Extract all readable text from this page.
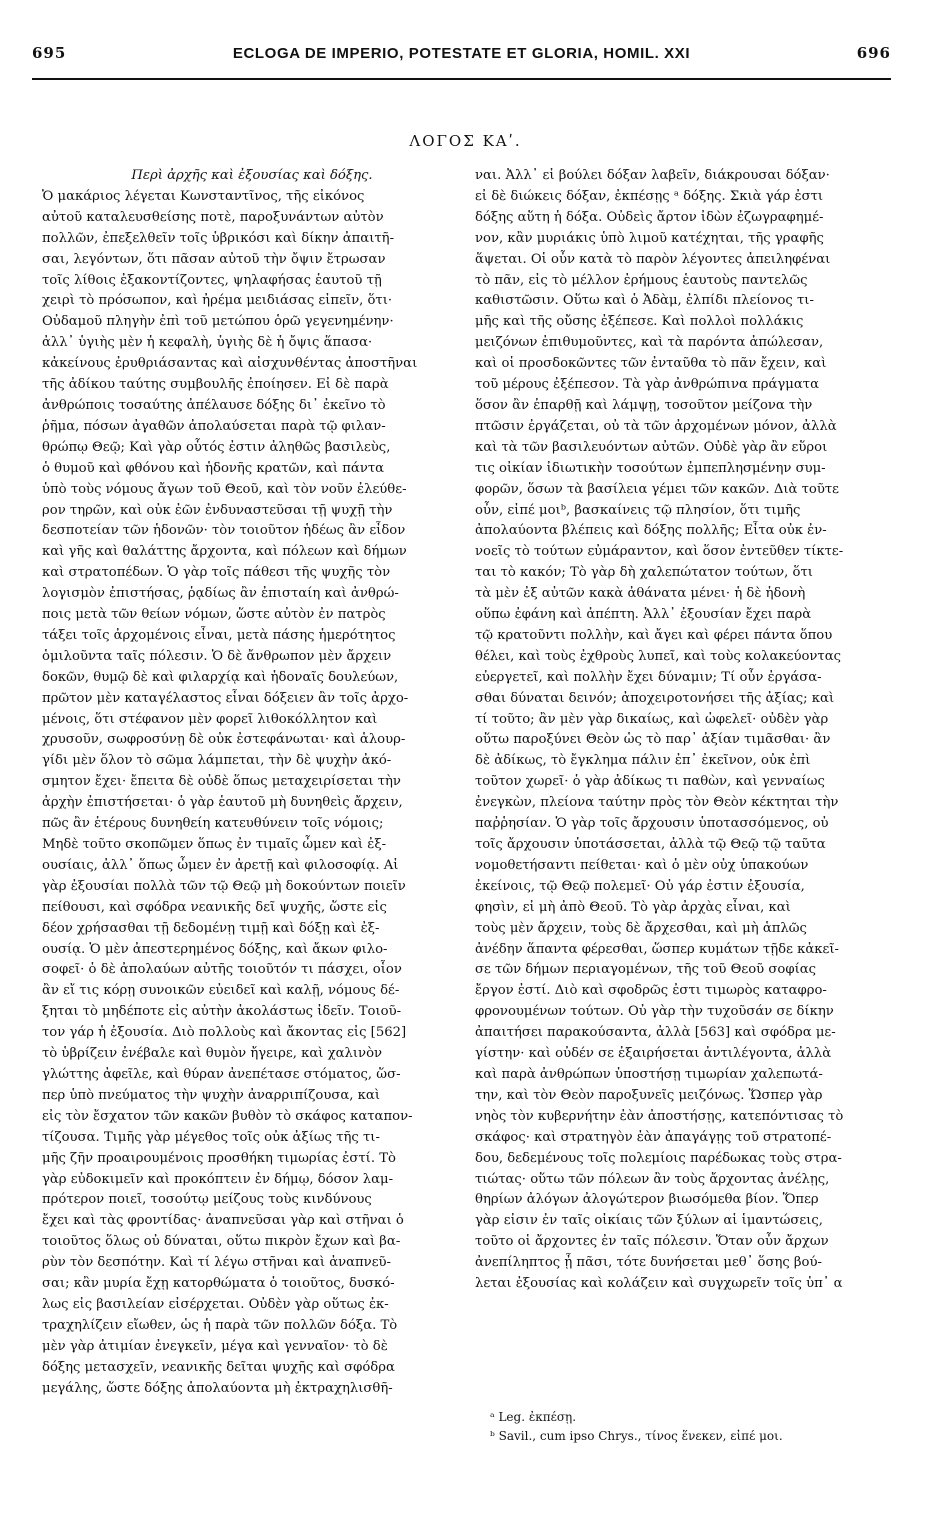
695	ECLOGA DE IMPERIO, POTESTATE ET GLORIA, HOMIL. XXI	696
ΛΟΓΟΣ ΚΑʹ.

Περὶ ἀρχῆς καὶ ἐξουσίας καὶ δόξης.

Ὁ μακάριος λέγεται Κωνσταντῖνος, τῆς εἰκόνος
αὐτοῦ καταλευσθείσης ποτὲ, παροξυνάντων αὐτὸν
πολλῶν, ἐπεξελθεῖν τοῖς ὑβρικόσι καὶ δίκην ἀπαιτῆ-
σαι, λεγόντων, ὅτι πᾶσαν αὐτοῦ τὴν ὄψιν ἔτρωσαν
τοῖς λίθοις ἐξακοντίζοντες, ψηλαφήσας ἑαυτοῦ τῇ
χειρὶ τὸ πρόσωπον, καὶ ἠρέμα μειδιάσας εἰπεῖν, ὅτι·
Οὐδαμοῦ πληγὴν ἐπὶ τοῦ μετώπου ὁρῶ γεγενημένην·
ἀλλ᾽ ὑγιὴς μὲν ἡ κεφαλὴ, ὑγιὴς δὲ ἡ ὄψις ἅπασα·
κἀκείνους ἐρυθριάσαντας καὶ αἰσχυνθέντας ἀποστῆναι
τῆς ἀδίκου ταύτης συμβουλῆς ἐποίησεν. Εἰ δὲ παρὰ
ἀνθρώποις τοσαύτης ἀπέλαυσε δόξης δι᾽ ἐκεῖνο τὸ
ῥῆμα, πόσων ἀγαθῶν ἀπολαύσεται παρὰ τῷ φιλαν-
θρώπῳ Θεῷ; Καὶ γὰρ οὗτός ἐστιν ἀληθῶς βασιλεὺς,
ὁ θυμοῦ καὶ φθόνου καὶ ἡδονῆς κρατῶν, καὶ πάντα
ὑπὸ τοὺς νόμους ἄγων τοῦ Θεοῦ, καὶ τὸν νοῦν ἐλεύθε-
ρον τηρῶν, καὶ οὐκ ἐῶν ἐνδυναστεῦσαι τῇ ψυχῇ τὴν
δεσποτείαν τῶν ἡδονῶν· τὸν τοιοῦτον ἡδέως ἂν εἶδον
καὶ γῆς καὶ θαλάττης ἄρχοντα, καὶ πόλεων καὶ δήμων
καὶ στρατοπέδων. Ὁ γὰρ τοῖς πάθεσι τῆς ψυχῆς τὸν
λογισμὸν ἐπιστήσας, ῥᾳδίως ἂν ἐπισταίη καὶ ἀνθρώ-
ποις μετὰ τῶν θείων νόμων, ὥστε αὐτὸν ἐν πατρὸς
τάξει τοῖς ἀρχομένοις εἶναι, μετὰ πάσης ἡμερότητος
ὁμιλοῦντα ταῖς πόλεσιν. Ὁ δὲ ἄνθρωπον μὲν ἄρχειν
δοκῶν, θυμῷ δὲ καὶ φιλαρχίᾳ καὶ ἡδοναῖς δουλεύων,
πρῶτον μὲν καταγέλαστος εἶναι δόξειεν ἂν τοῖς ἀρχο-
μένοις, ὅτι στέφανον μὲν φορεῖ λιθοκόλλητον καὶ
χρυσοῦν, σωφροσύνῃ δὲ οὐκ ἐστεφάνωται· καὶ ἁλουρ-
γίδι μὲν ὅλον τὸ σῶμα λάμπεται, τὴν δὲ ψυχὴν ἀκό-
σμητον ἔχει· ἔπειτα δὲ οὐδὲ ὅπως μεταχειρίσεται τὴν
ἀρχὴν ἐπιστήσεται· ὁ γὰρ ἑαυτοῦ μὴ δυνηθεὶς ἄρχειν,
πῶς ἂν ἑτέρους δυνηθείη κατευθύνειν τοῖς νόμοις;
Μηδὲ τοῦτο σκοπῶμεν ὅπως ἐν τιμαῖς ὦμεν καὶ ἐξ-
ουσίαις, ἀλλ᾽ ὅπως ὦμεν ἐν ἀρετῇ καὶ φιλοσοφίᾳ. Αἱ
γὰρ ἐξουσίαι πολλὰ τῶν τῷ Θεῷ μὴ δοκούντων ποιεῖν
πείθουσι, καὶ σφόδρα νεανικῆς δεῖ ψυχῆς, ὥστε εἰς
δέον χρήσασθαι τῇ δεδομένῃ τιμῇ καὶ δόξῃ καὶ ἐξ-
ουσίᾳ. Ὁ μὲν ἀπεστερημένος δόξης, καὶ ἄκων φιλο-
σοφεῖ· ὁ δὲ ἀπολαύων αὐτῆς τοιοῦτόν τι πάσχει, οἷον
ἂν εἴ τις κόρῃ συνοικῶν εὐειδεῖ καὶ καλῇ, νόμους δέ-
ξηται τὸ μηδέποτε εἰς αὐτὴν ἀκολάστως ἰδεῖν. Τοιοῦ-
τον γάρ ἡ ἐξουσία. Διὸ πολλοὺς καὶ ἄκοντας εἰς [562]
τὸ ὑβρίζειν ἐνέβαλε καὶ θυμὸν ἤγειρε, καὶ χαλινὸν
γλώττης ἀφεῖλε, καὶ θύραν ἀνεπέτασε στόματος, ὥσ-
περ ὑπὸ πνεύματος τὴν ψυχὴν ἀναρριπίζουσα, καὶ
εἰς τὸν ἔσχατον τῶν κακῶν βυθὸν τὸ σκάφος καταπον-
τίζουσα. Τιμῆς γὰρ μέγεθος τοῖς οὐκ ἀξίως τῆς τι-
μῆς ζῆν προαιρουμένοις προσθήκη τιμωρίας ἐστί. Τὸ
γὰρ εὐδοκιμεῖν καὶ προκόπτειν ἐν δήμῳ, δόσον λαμ-
πρότερον ποιεῖ, τοσούτῳ μείζους τοὺς κινδύνους
ἔχει καὶ τὰς φροντίδας· ἀναπνεῦσαι γὰρ καὶ στῆναι ὁ
τοιοῦτος ὅλως οὐ δύναται, οὕτω πικρὸν ἔχων καὶ βα-
ρὺν τὸν δεσπότην. Καὶ τί λέγω στῆναι καὶ ἀναπνεῦ-
σαι; κἂν μυρία ἔχῃ κατορθώματα ὁ τοιοῦτος, δυσκό-
λως εἰς βασιλείαν εἰσέρχεται. Οὐδὲν γὰρ οὕτως ἐκ-
τραχηλίζειν εἴωθεν, ὡς ἡ παρὰ τῶν πολλῶν δόξα. Τὸ
μὲν γὰρ ἀτιμίαν ἐνεγκεῖν, μέγα καὶ γενναῖον· τὸ δὲ
δόξης μετασχεῖν, νεανικῆς δεῖται ψυχῆς καὶ σφόδρα
μεγάλης, ὥστε δόξης ἀπολαύοντα μὴ ἐκτραχηλισθῆ-
ναι. Ἀλλ᾽ εἰ βούλει δόξαν λαβεῖν, διάκρουσαι δόξαν·
εἰ δὲ διώκεις δόξαν, ἐκπέσῃς ᵃ δόξης. Σκιὰ γάρ ἐστι
δόξης αὕτη ἡ δόξα. Οὐδεὶς ἄρτον ἰδὼν ἐζωγραφημέ-
νον, κἂν μυριάκις ὑπὸ λιμοῦ κατέχηται, τῆς γραφῆς
ἅψεται. Οἱ οὖν κατὰ τὸ παρὸν λέγοντες ἀπειληφέναι
τὸ πᾶν, εἰς τὸ μέλλον ἐρήμους ἑαυτοὺς παντελῶς
καθιστῶσιν. Οὕτω καὶ ὁ Ἀδὰμ, ἐλπίδι πλείονος τι-
μῆς καὶ τῆς οὔσης ἐξέπεσε. Καὶ πολλοὶ πολλάκις
μειζόνων ἐπιθυμοῦντες, καὶ τὰ παρόντα ἀπώλεσαν,
καὶ οἱ προσδοκῶντες τῶν ἐνταῦθα τὸ πᾶν ἔχειν, καὶ
τοῦ μέρους ἐξέπεσον. Τὰ γὰρ ἀνθρώπινα πράγματα
ὅσον ἂν ἐπαρθῇ καὶ λάμψῃ, τοσοῦτον μείζονα τὴν
πτῶσιν ἐργάζεται, οὐ τὰ τῶν ἀρχομένων μόνον, ἀλλὰ
καὶ τὰ τῶν βασιλευόντων αὐτῶν. Οὐδὲ γὰρ ἂν εὕροι
τις οἰκίαν ἰδιωτικὴν τοσούτων ἐμπεπλησμένην συμ-
φορῶν, ὅσων τὰ βασίλεια γέμει τῶν κακῶν. Διὰ τοῦτε
οὖν, εἰπέ μοιᵇ, βασκαίνεις τῷ πλησίον, ὅτι τιμῆς
ἀπολαύοντα βλέπεις καὶ δόξης πολλῆς; Εἶτα οὐκ ἐν-
νοεῖς τὸ τούτων εὐμάραντον, καὶ ὅσον ἐντεῦθεν τίκτε-
ται τὸ κακόν; Τὸ γὰρ δὴ χαλεπώτατον τούτων, ὅτι
τὰ μὲν ἐξ αὐτῶν κακὰ ἀθάνατα μένει· ἡ δὲ ἡδονὴ
οὕπω ἐφάνη καὶ ἀπέπτη. Ἀλλ᾽ ἐξουσίαν ἔχει παρὰ
τῷ κρατοῦντι πολλὴν, καὶ ἄγει καὶ φέρει πάντα ὅπου
θέλει, καὶ τοὺς ἐχθροὺς λυπεῖ, καὶ τοὺς κολακεύοντας
εὐεργετεῖ, καὶ πολλὴν ἔχει δύναμιν; Τί οὖν ἐργάσα-
σθαι δύναται δεινόν; ἀποχειροτονήσει τῆς ἀξίας; καὶ
τί τοῦτο; ἂν μὲν γὰρ δικαίως, καὶ ὠφελεῖ· οὐδὲν γὰρ
οὕτω παροξύνει Θεὸν ὡς τὸ παρ᾽ ἀξίαν τιμᾶσθαι· ἂν
δὲ ἀδίκως, τὸ ἔγκλημα πάλιν ἐπ᾽ ἐκεῖνον, οὐκ ἐπὶ
τοῦτον χωρεῖ· ὁ γὰρ ἀδίκως τι παθὼν, καὶ γενναίως
ἐνεγκὼν, πλείονα ταύτην πρὸς τὸν Θεὸν κέκτηται τὴν
παῤῥησίαν. Ὁ γὰρ τοῖς ἄρχουσιν ὑποτασσόμενος, οὐ
τοῖς ἄρχουσιν ὑποτάσσεται, ἀλλὰ τῷ Θεῷ τῷ ταῦτα
νομοθετήσαντι πείθεται· καὶ ὁ μὲν οὐχ ὑπακούων
ἐκείνοις, τῷ Θεῷ πολεμεῖ· Οὐ γάρ ἐστιν ἐξουσία,
φησὶν, εἰ μὴ ἀπὸ Θεοῦ. Τὸ γὰρ ἀρχὰς εἶναι, καὶ
τοὺς μὲν ἄρχειν, τοὺς δὲ ἄρχεσθαι, καὶ μὴ ἁπλῶς
ἀνέδην ἅπαντα φέρεσθαι, ὥσπερ κυμάτων τῇδε κἀκεῖ-
σε τῶν δήμων περιαγομένων, τῆς τοῦ Θεοῦ σοφίας
ἔργον ἐστί. Διὸ καὶ σφοδρῶς ἐστι τιμωρὸς καταφρο-
φρονουμένων τούτων. Οὐ γὰρ τὴν τυχοῦσάν σε δίκην
ἀπαιτήσει παρακούσαντα, ἀλλὰ [563] καὶ σφόδρα με-
γίστην· καὶ οὐδέν σε ἐξαιρήσεται ἀντιλέγοντα, ἀλλὰ
καὶ παρὰ ἀνθρώπων ὑποστήσῃ τιμωρίαν χαλεπωτά-
την, καὶ τὸν Θεὸν παροξυνεῖς μειζόνως. Ὥσπερ γὰρ
νηὸς τὸν κυβερνήτην ἐὰν ἀποστήσῃς, κατεπόντισας τὸ
σκάφος· καὶ στρατηγὸν ἐὰν ἀπαγάγῃς τοῦ στρατοπέ-
δου, δεδεμένους τοῖς πολεμίοις παρέδωκας τοὺς στρα-
τιώτας· οὕτω τῶν πόλεων ἂν τοὺς ἄρχοντας ἀνέλῃς,
θηρίων ἀλόγων ἀλογώτερον βιωσόμεθα βίον. Ὅπερ
γὰρ εἰσιν ἐν ταῖς οἰκίαις τῶν ξύλων αἱ ἱμαντώσεις,
τοῦτο οἱ ἄρχοντες ἐν ταῖς πόλεσιν. Ὅταν οὖν ἄρχων
ἀνεπίληπτος ᾖ πᾶσι, τότε δυνήσεται μεθ᾽ ὅσης βού-
λεται ἐξουσίας καὶ κολάζειν καὶ συγχωρεῖν τοῖς ὑπ᾽ α
ᵃ Leg. ἐκπέσῃ.
ᵇ Savil., cum ipso Chrys., τίνος ἕνεκεν, εἰπέ μοι.
